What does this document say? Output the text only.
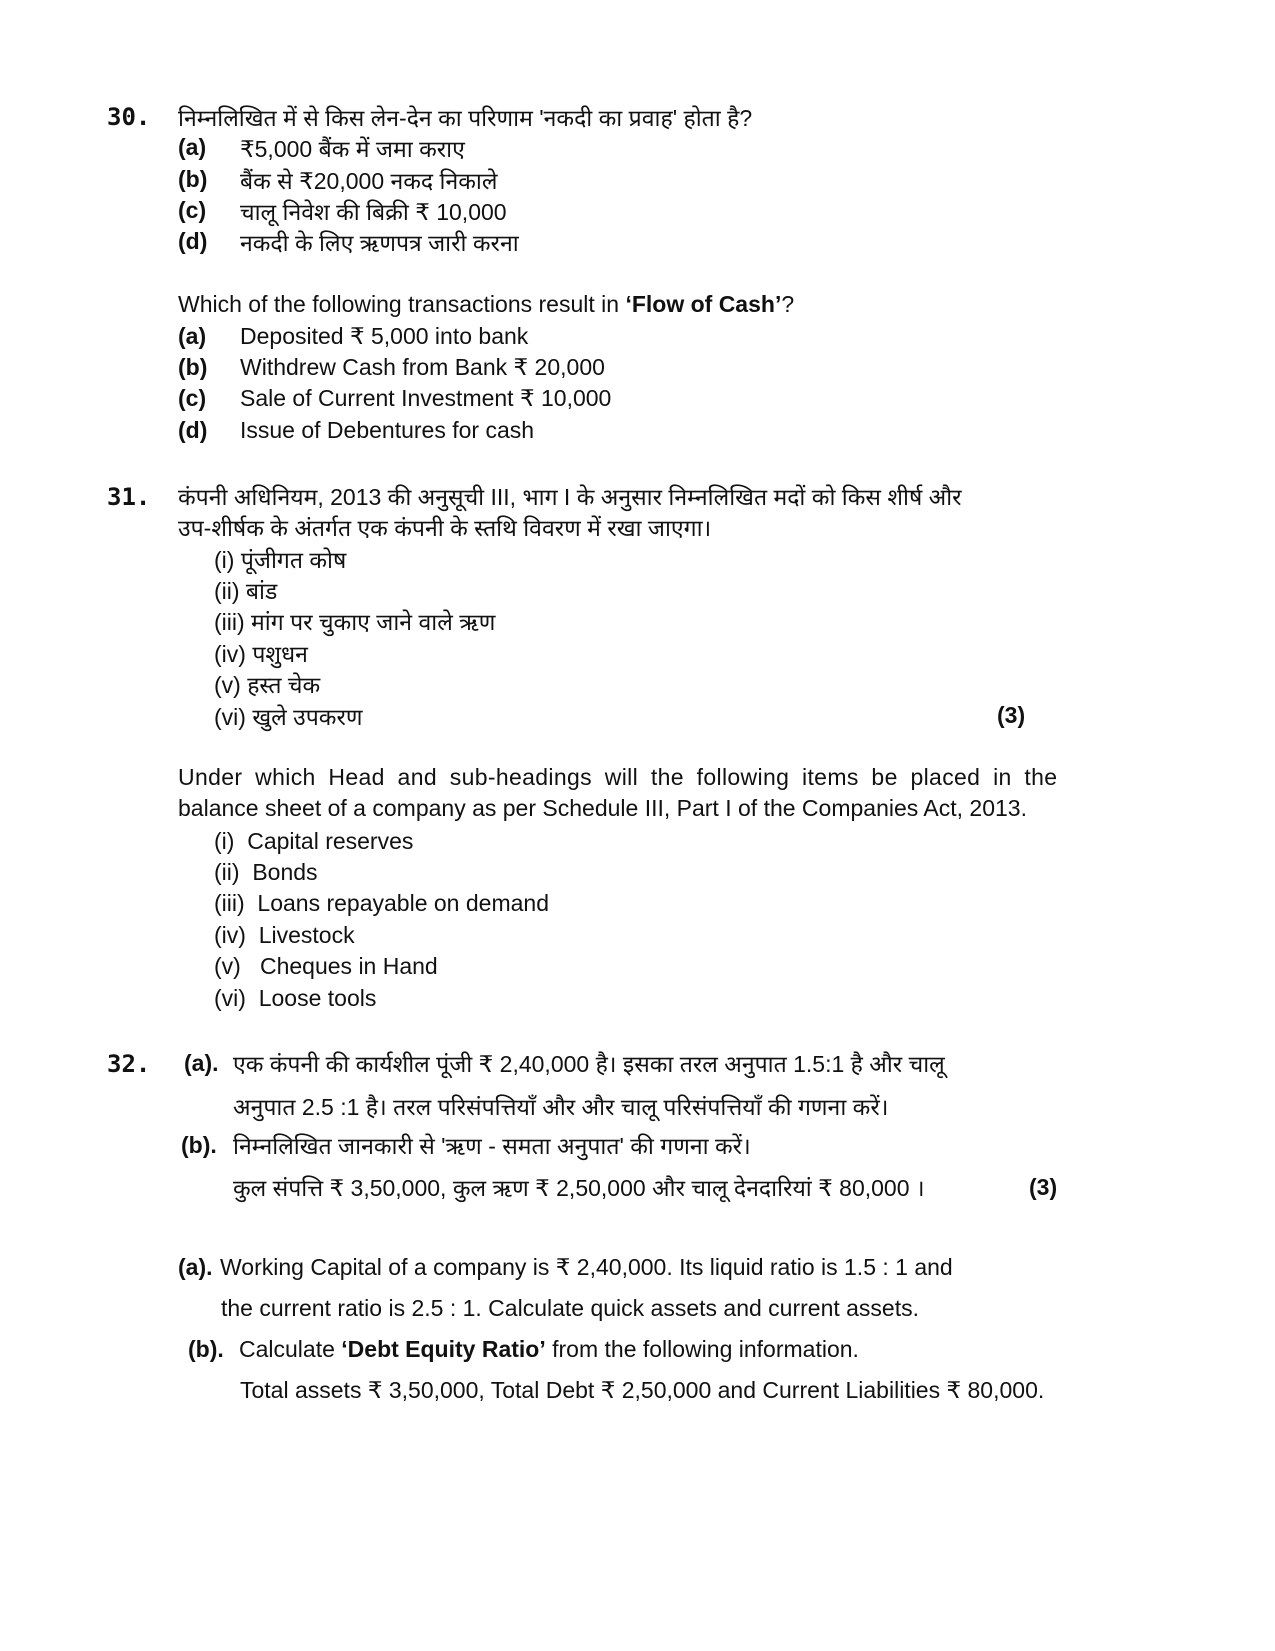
30. निम्नलिखित में से किस लेन-देन का परिणाम 'नकदी का प्रवाह' होता है?
(a) ₹5,000 बैंक में जमा कराए
(b) बैंक से ₹20,000 नकद निकाले
(c) चालू निवेश की बिक्री ₹ 10,000
(d) नकदी के लिए ऋणपत्र जारी करना
Which of the following transactions result in ‘Flow of Cash’?
(a) Deposited ₹ 5,000 into bank
(b) Withdrew Cash from Bank ₹ 20,000
(c) Sale of Current Investment ₹ 10,000
(d) Issue of Debentures for cash
31. कंपनी अधिनियम, 2013 की अनुसूची III, भाग I के अनुसार निम्नलिखित मदों को किस शीर्ष और
उप-शीर्षक के अंतर्गत एक कंपनी के स्तथि विवरण में रखा जाएगा।
(i) पूंजीगत कोष
(ii) बांड
(iii) मांग पर चुकाए जाने वाले ऋण
(iv) पशुधन
(v) हस्त चेक
(vi) खुले उपकरण	(3)
Under which Head and sub-headings will the following items be placed in the
balance sheet of a company as per Schedule III, Part I of the Companies Act, 2013.
(i)  Capital reserves
(ii)  Bonds
(iii)  Loans repayable on demand
(iv)  Livestock
(v)   Cheques in Hand
(vi)  Loose tools
32. (a). एक कंपनी की कार्यशील पूंजी ₹ 2,40,000 है। इसका तरल अनुपात 1.5:1 है और चालू
अनुपात 2.5 :1 है। तरल परिसंपत्तियाँ और और चालू परिसंपत्तियाँ की गणना करें।
(b). निम्नलिखित जानकारी से 'ऋण - समता अनुपात' की गणना करें।
कुल संपत्ति ₹ 3,50,000, कुल ऋण ₹ 2,50,000 और चालू देनदारियां ₹ 80,000 ।	(3)
(a). Working Capital of a company is ₹ 2,40,000. Its liquid ratio is 1.5 : 1 and
the current ratio is 2.5 : 1. Calculate quick assets and current assets.
(b). Calculate ‘Debt Equity Ratio’ from the following information.
Total assets ₹ 3,50,000, Total Debt ₹ 2,50,000 and Current Liabilities ₹ 80,000.
